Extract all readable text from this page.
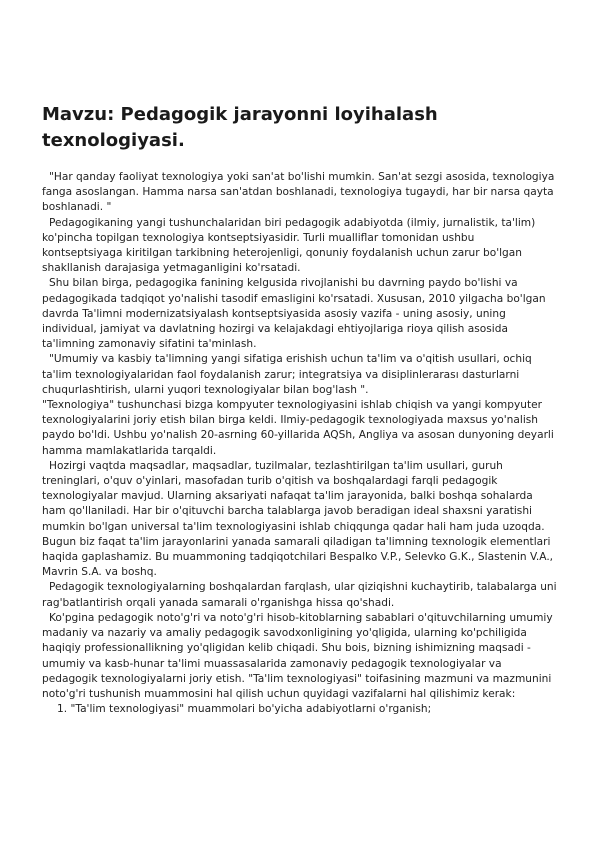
Mavzu: Pedagogik jarayonni loyihalash texnologiyasi.

"Har qanday faoliyat texnologiya yoki san'at bo'lishi mumkin. San'at sezgi asosida, texnologiya fanga asoslangan. Hamma narsa san'atdan boshlanadi, texnologiya tugaydi, har bir narsa qayta boshlanadi. "

Pedagogikaning yangi tushunchalaridan biri pedagogik adabiyotda (ilmiy, jurnalistik, ta'lim) ko'pincha topilgan texnologiya kontseptsiyasidir. Turli mualliflar tomonidan ushbu kontseptsiyaga kiritilgan tarkibning heterojenligi, qonuniy foydalanish uchun zarur bo'lgan shakllanish darajasiga yetmaganligini ko'rsatadi.

Shu bilan birga, pedagogika fanining kelgusida rivojlanishi bu davrning paydo bo'lishi va pedagogikada tadqiqot yo'nalishi tasodif emasligini ko'rsatadi. Xususan, 2010 yilgacha bo'lgan davrda Ta'limni modernizatsiyalash kontseptsiyasida asosiy vazifa - uning asosiy, uning individual, jamiyat va davlatning hozirgi va kelajakdagi ehtiyojlariga rioya qilish asosida ta'limning zamonaviy sifatini ta'minlash.

"Umumiy va kasbiy ta'limning yangi sifatiga erishish uchun ta'lim va o'qitish usullari, ochiq ta'lim texnologiyalaridan faol foydalanish zarur; integratsiya va disiplinlerarası dasturlarni chuqurlashtirish, ularni yuqori texnologiyalar bilan bog'lash ".

"Texnologiya" tushunchasi bizga kompyuter texnologiyasini ishlab chiqish va yangi kompyuter texnologiyalarini joriy etish bilan birga keldi. Ilmiy-pedagogik texnologiyada maxsus yo'nalish paydo bo'ldi. Ushbu yo'nalish 20-asrning 60-yillarida AQSh, Angliya va asosan dunyoning deyarli hamma mamlakatlarida tarqaldi.

Hozirgi vaqtda maqsadlar, maqsadlar, tuzilmalar, tezlashtirilgan ta'lim usullari, guruh treninglari, o'quv o'yinlari, masofadan turib o'qitish va boshqalardagi farqli pedagogik texnologiyalar mavjud. Ularning aksariyati nafaqat ta'lim jarayonida, balki boshqa sohalarda ham qo'llaniladi. Har bir o'qituvchi barcha talablarga javob beradigan ideal shaxsni yaratishi mumkin bo'lgan universal ta'lim texnologiyasini ishlab chiqqunga qadar hali ham juda uzoqda. Bugun biz faqat ta'lim jarayonlarini yanada samarali qiladigan ta'limning texnologik elementlari haqida gaplashamiz. Bu muammoning tadqiqotchilari Bespalko V.P., Selevko G.K., Slastenin V.A., Mavrin S.A. va boshq.

Pedagogik texnologiyalarning boshqalardan farqlash, ular qiziqishni kuchaytirib, talabalarga uni rag'batlantirish orqali yanada samarali o'rganishga hissa qo'shadi.

Ko'pgina pedagogik noto'g'ri va noto'g'ri hisob-kitoblarning sabablari o'qituvchilarning umumiy madaniy va nazariy va amaliy pedagogik savodxonligining yo'qligida, ularning ko'pchiligida haqiqiy professionallikning yo'qligidan kelib chiqadi. Shu bois, bizning ishimizning maqsadi - umumiy va kasb-hunar ta'limi muassasalarida zamonaviy pedagogik texnologiyalar va pedagogik texnologiyalarni joriy etish. "Ta'lim texnologiyasi" toifasining mazmuni va mazmunini noto'g'ri tushunish muammosini hal qilish uchun quyidagi vazifalarni hal qilishimiz kerak:

1. "Ta'lim texnologiyasi" muammolari bo'yicha adabiyotlarni o'rganish;
